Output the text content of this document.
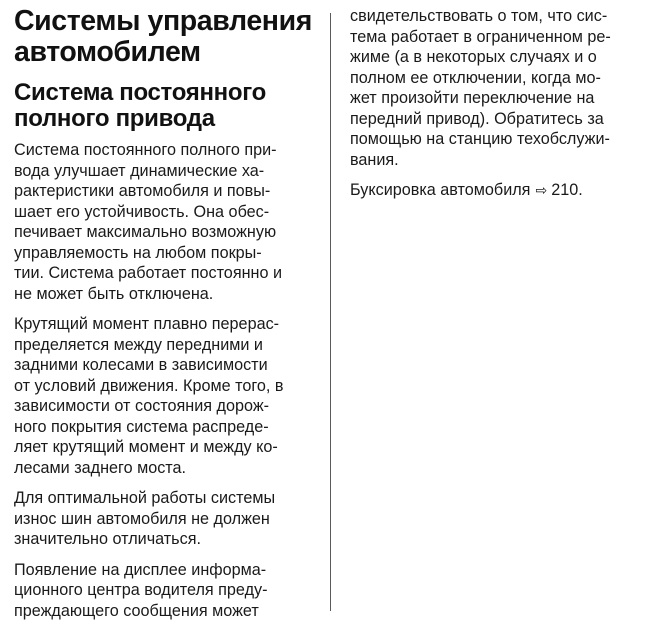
Системы управления
автомобилем
Система постоянного
полного привода

Система постоянного полного при-
вода улучшает динамические ха-
рактеристики автомобиля и повы-
шает его устойчивость. Она обес-
печивает максимально возможную
управляемость на любом покры-
тии. Система работает постоянно и
не может быть отключена.

Крутящий момент плавно перерас-
пределяется между передними и
задними колесами в зависимости
от условий движения. Кроме того, в
зависимости от состояния дорож-
ного покрытия система распреде-
ляет крутящий момент и между ко-
лесами заднего моста.

Для оптимальной работы системы
износ шин автомобиля не должен
значительно отличаться.

Появление на дисплее информа-
ционного центра водителя преду-
преждающего сообщения может

свидетельствовать о том, что сис-
тема работает в ограниченном ре-
жиме (а в некоторых случаях и о
полном ее отключении, когда мо-
жет произойти переключение на
передний привод). Обратитесь за
помощью на станцию техобслужи-
вания.

Буксировка автомобиля ⇨ 210.
